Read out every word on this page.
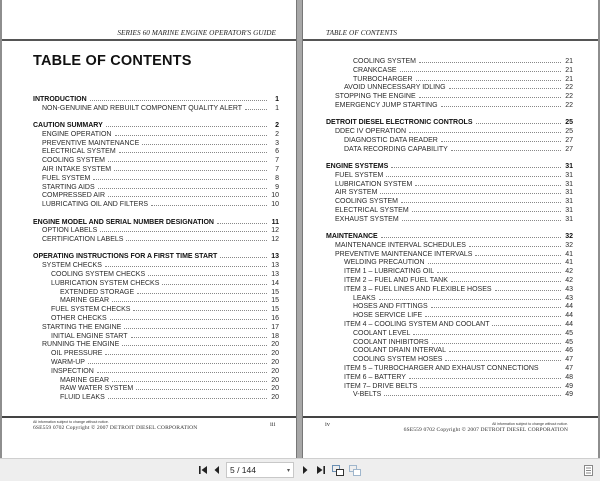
SERIES 60 MARINE ENGINE OPERATOR'S GUIDE
TABLE OF CONTENTS
INTRODUCTION	1
NON-GENUINE AND REBUILT COMPONENT QUALITY ALERT	1
CAUTION SUMMARY	2
ENGINE OPERATION	2
PREVENTIVE MAINTENANCE	3
ELECTRICAL SYSTEM	6
COOLING SYSTEM	7
AIR INTAKE SYSTEM	7
FUEL SYSTEM	8
STARTING AIDS	9
COMPRESSED AIR	10
LUBRICATING OIL AND FILTERS	10
ENGINE MODEL AND SERIAL NUMBER DESIGNATION	11
OPTION LABELS	12
CERTIFICATION LABELS	12
OPERATING INSTRUCTIONS FOR A FIRST TIME START	13
SYSTEM CHECKS	13
COOLING SYSTEM CHECKS	13
LUBRICATION SYSTEM CHECKS	14
EXTENDED STORAGE	15
MARINE GEAR	15
FUEL SYSTEM CHECKS	15
OTHER CHECKS	16
STARTING THE ENGINE	17
INITIAL ENGINE START	18
RUNNING THE ENGINE	20
OIL PRESSURE	20
WARM-UP	20
INSPECTION	20
MARINE GEAR	20
RAW WATER SYSTEM	20
FLUID LEAKS	20
All information subject to change without notice.
6SE559 0702 Copyright © 2007 DETROIT DIESEL CORPORATION	iii
TABLE OF CONTENTS
COOLING SYSTEM	21
CRANKCASE	21
TURBOCHARGER	21
AVOID UNNECESSARY IDLING	22
STOPPING THE ENGINE	22
EMERGENCY JUMP STARTING	22
DETROIT DIESEL ELECTRONIC CONTROLS	25
DDEC IV OPERATION	25
DIAGNOSTIC DATA READER	27
DATA RECORDING CAPABILITY	27
ENGINE SYSTEMS	31
FUEL SYSTEM	31
LUBRICATION SYSTEM	31
AIR SYSTEM	31
COOLING SYSTEM	31
ELECTRICAL SYSTEM	31
EXHAUST SYSTEM	31
MAINTENANCE	32
MAINTENANCE INTERVAL SCHEDULES	32
PREVENTIVE MAINTENANCE INTERVALS	41
WELDING PRECAUTION	41
ITEM 1 – LUBRICATING OIL	42
ITEM 2 – FUEL AND FUEL TANK	42
ITEM 3 – FUEL LINES AND FLEXIBLE HOSES	43
LEAKS	43
HOSES AND FITTINGS	44
HOSE SERVICE LIFE	44
ITEM 4 – COOLING SYSTEM AND COOLANT	44
COOLANT LEVEL	45
COOLANT INHIBITORS	45
COOLANT DRAIN INTERVAL	46
COOLING SYSTEM HOSES	47
ITEM 5 – TURBOCHARGER AND EXHAUST CONNECTIONS	47
ITEM 6 – BATTERY	48
ITEM 7– DRIVE BELTS	49
V-BELTS	49
iv	All information subject to change without notice.
6SE559 0702 Copyright © 2007 DETROIT DIESEL CORPORATION
5 / 144	▾
